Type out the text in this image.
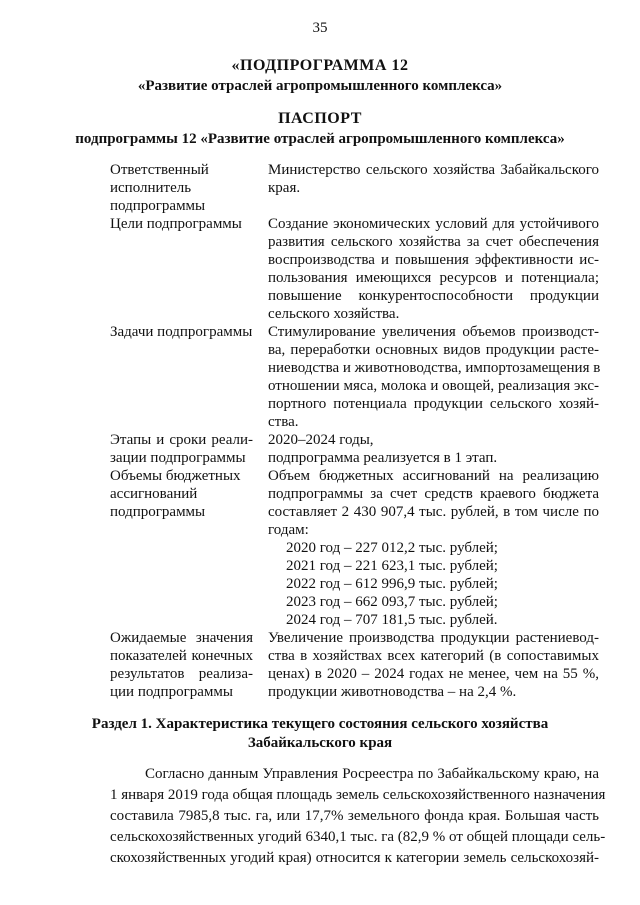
35
«ПОДПРОГРАММА 12
«Развитие отраслей агропромышленного комплекса»
ПАСПОРТ
подпрограммы 12 «Развитие отраслей агропромышленного комплекса»
Ответственный
исполнитель
подпрограммы
Министерство сельского хозяйства Забайкальского
края.
Цели подпрограммы Создание экономических условий для устойчивого
развития сельского хозяйства за счет обеспечения
воспроизводства и повышения эффективности ис-
пользования имеющихся ресурсов и потенциала;
повышение конкурентоспособности продукции
сельского хозяйства.
Задачи подпрограммы Стимулирование увеличения объемов производст-
ва, переработки основных видов продукции расте-
ниеводства и животноводства, импортозамещения в
отношении мяса, молока и овощей, реализация экс-
портного потенциала продукции сельского хозяй-
ства.
Этапы и сроки реали-
зации подпрограммы
2020–2024 годы,
подпрограмма реализуется в 1 этап.
Объемы бюджетных
ассигнований
подпрограммы
Объем бюджетных ассигнований на реализацию
подпрограммы за счет средств краевого бюджета
составляет 2 430 907,4 тыс. рублей, в том числе по
годам:
2020 год – 227 012,2 тыс. рублей;
2021 год – 221 623,1 тыс. рублей;
2022 год – 612 996,9 тыс. рублей;
2023 год – 662 093,7 тыс. рублей;
2024 год – 707 181,5 тыс. рублей.
Ожидаемые значения
показателей конечных
результатов реализа-
ции подпрограммы
Увеличение производства продукции растениевод-
ства в хозяйствах всех категорий (в сопоставимых
ценах) в 2020 – 2024 годах не менее, чем на 55 %,
продукции животноводства – на 2,4 %.
Раздел 1. Характеристика текущего состояния сельского хозяйства
Забайкальского края
Согласно данным Управления Росреестра по Забайкальскому краю, на
1 января 2019 года общая площадь земель сельскохозяйственного назначения
составила 7985,8 тыс. га, или 17,7% земельного фонда края. Большая часть
сельскохозяйственных угодий 6340,1 тыс. га (82,9 % от общей площади сель-
скохозяйственных угодий края) относится к категории земель сельскохозяй-
